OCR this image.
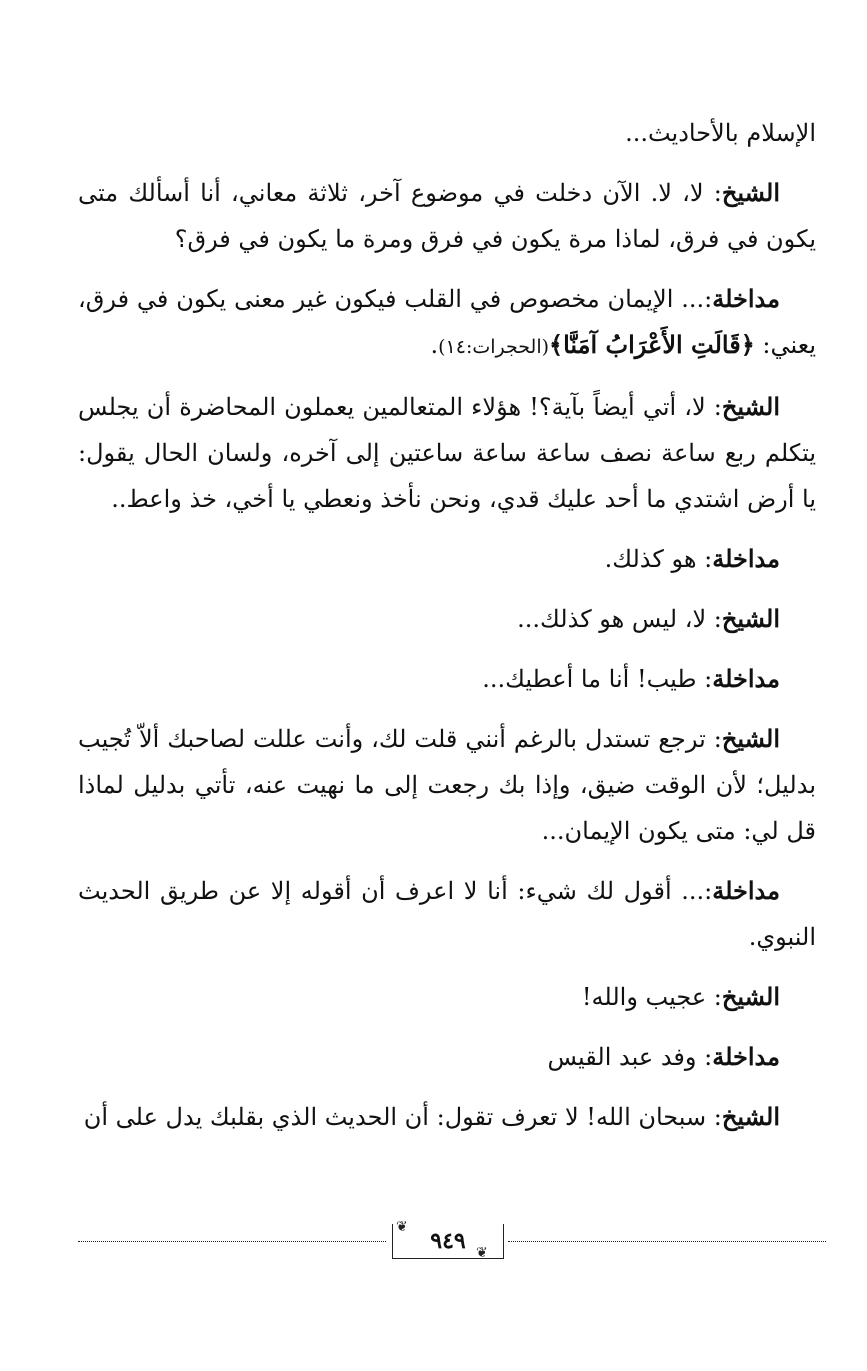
الإسلام بالأحاديث...

الشيخ: لا، لا. الآن دخلت في موضوع آخر، ثلاثة معاني، أنا أسألك متى يكون في فرق، لماذا مرة يكون في فرق ومرة ما يكون في فرق؟

مداخلة:... الإيمان مخصوص في القلب فيكون غير معنى يكون في فرق، يعني: ﴿قَالَتِ الأَعْرَابُ آمَنَّا﴾(الحجرات:١٤).

الشيخ: لا، أتي أيضاً بآية؟! هؤلاء المتعالمين يعملون المحاضرة أن يجلس يتكلم ربع ساعة نصف ساعة ساعة ساعتين إلى آخره، ولسان الحال يقول: يا أرض اشتدي ما أحد عليك قدي، ونحن نأخذ ونعطي يا أخي، خذ واعط..

مداخلة: هو كذلك.

الشيخ: لا، ليس هو كذلك...

مداخلة: طيب! أنا ما أعطيك...

الشيخ: ترجع تستدل بالرغم أنني قلت لك، وأنت عللت لصاحبك ألاّ تُجيب بدليل؛ لأن الوقت ضيق، وإذا بك رجعت إلى ما نهيت عنه، تأتي بدليل لماذا قل لي: متى يكون الإيمان...

مداخلة:... أقول لك شيء: أنا لا اعرف أن أقوله إلا عن طريق الحديث النبوي.

الشيخ: عجيب والله!

مداخلة: وفد عبد القيس

الشيخ: سبحان الله! لا تعرف تقول: أن الحديث الذي بقلبك يدل على أن

٩٤٩
❦
❦
